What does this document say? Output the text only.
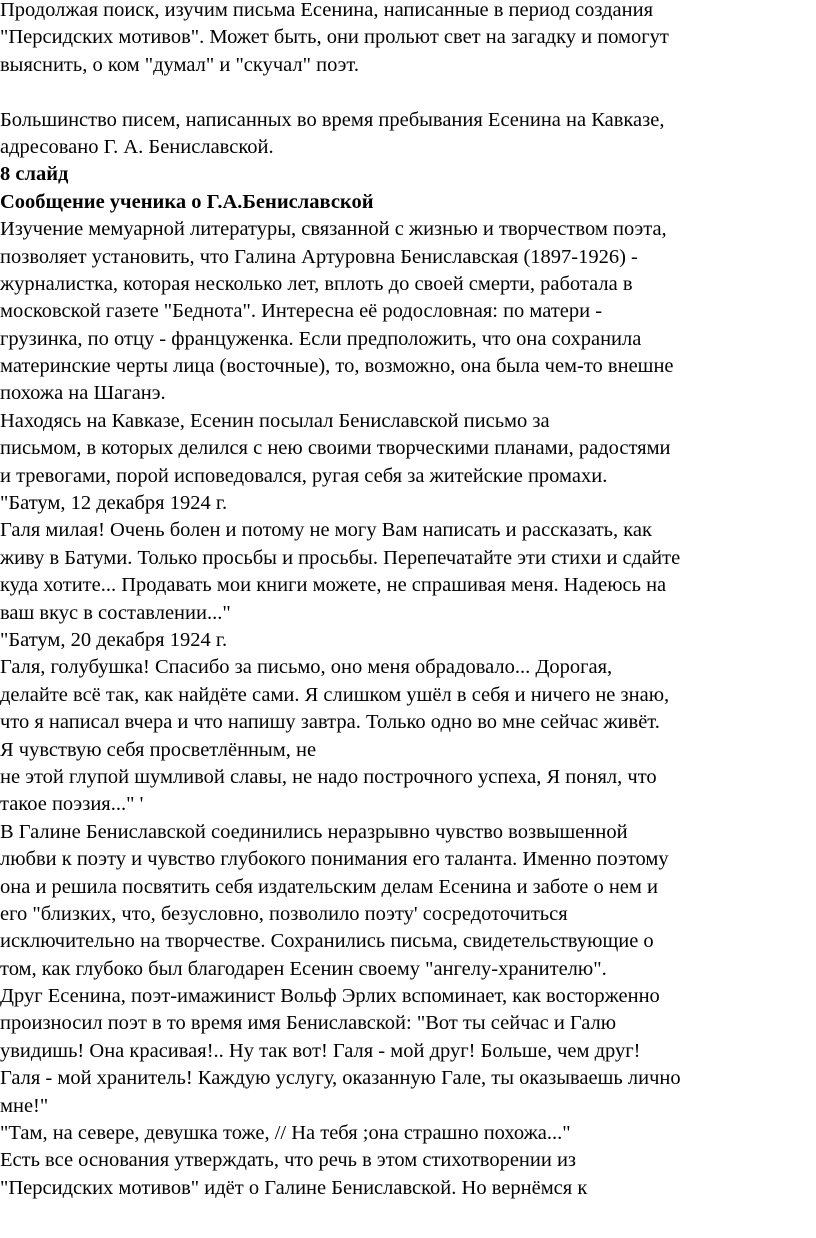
Продолжая поиск, изучим письма Есенина, написанные в период создания
"Персидских мотивов". Может быть, они прольют свет на загадку и помогут
выяснить, о ком "думал" и "скучал" поэт.
Большинство писем, написанных во время пребывания Есенина на Кавказе,
адресовано Г. А. Бениславской.
8 слайд
Сообщение ученика о Г.А.Бениславской
Изучение мемуарной литературы, связанной с жизнью и творчеством поэта,
позволяет установить, что Галина Артуровна Бениславская (1897-1926) -
журналистка, которая несколько лет, вплоть до своей смерти, работала в
московской газете "Беднота". Интересна её родословная: по матери -
грузинка, по отцу - француженка. Если предположить, что она сохранила
материнские черты лица (восточные), то, возможно, она была чем-то внешне
похожа на Шаганэ.
Находясь на Кавказе, Есенин посылал Бениславской письмо за
письмом, в которых делился с нею своими творческими планами, радостями
и тревогами, порой исповедовался, ругая себя за житейские промахи.
"Батум, 12 декабря 1924 г.
Галя милая! Очень болен и потому не могу Вам написать и рассказать, как
живу в Батуми. Только просьбы и просьбы. Перепечатайте эти стихи и сдайте
куда хотите... Продавать мои книги можете, не спрашивая меня. Надеюсь на
ваш вкус в составлении..."
"Батум, 20 декабря 1924 г.
Галя, голубушка! Спасибо за письмо, оно меня обрадовало... Дорогая,
делайте всё так, как найдёте сами. Я слишком ушёл в себя и ничего не знаю,
что я написал вчера и что напишу завтра. Только одно во мне сейчас живёт.
Я чувствую себя просветлённым, не
не этой глупой шумливой славы, не надо построчного успеха, Я понял, что
такое поэзия..." '
В Галине Бениславской соединились неразрывно чувство возвышенной
любви к поэту и чувство глубокого понимания его таланта. Именно поэтому
она и решила посвятить себя издательским делам Есенина и заботе о нем и
его "близких, что, безусловно, позволило поэту' сосредоточиться
исключительно на творчестве. Сохранились письма, свидетельствующие о
том, как глубоко был благодарен Есенин своему "ангелу-хранителю".
Друг Есенина, поэт-имажинист Вольф Эрлих вспоминает, как восторженно
произносил поэт в то время имя Бениславской: "Вот ты сейчас и Галю
увидишь! Она красивая!.. Ну так вот! Галя - мой друг! Больше, чем друг!
Галя - мой хранитель! Каждую услугу, оказанную Гале, ты оказываешь лично
мне!"
"Там, на севере, девушка тоже, // На тебя ;она страшно похожа..."
Есть все основания утверждать, что речь в этом стихотворении из
"Персидских мотивов" идёт о Галине Бениславской. Но вернёмся к
